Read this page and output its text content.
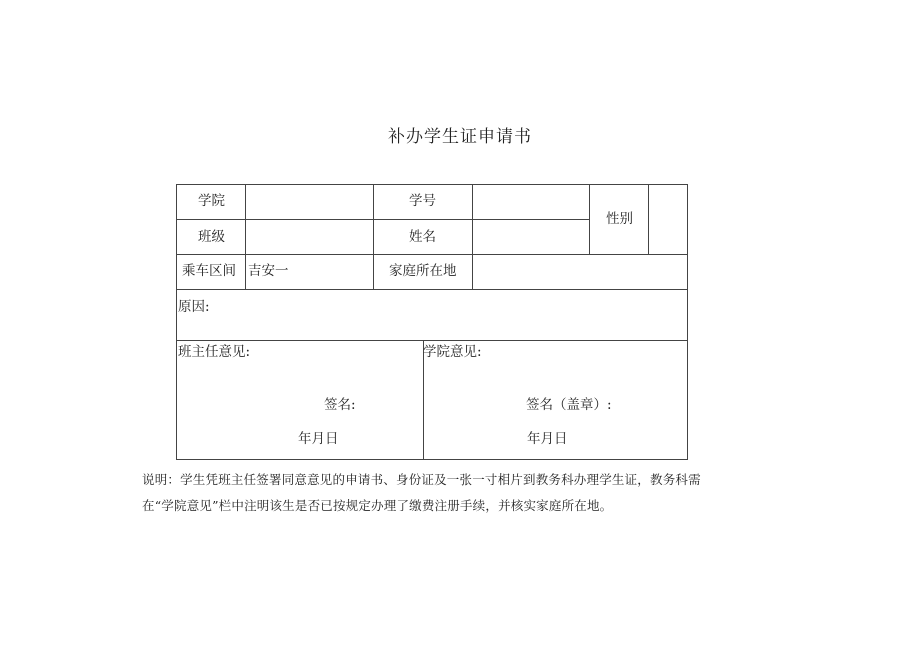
补办学生证申请书
学院	学号
性别
班级	姓名
乘车区间 吉安一	家庭所在地
原因:
班主任意见:
签名:
年月日
学院意见:
签名（盖章）:
年月日
说明：学生凭班主任签署同意意见的申请书、身份证及一张一寸相片到教务科办理学生证，教务科需
在“学院意见”栏中注明该生是否已按规定办理了缴费注册手续，并核实家庭所在地。
